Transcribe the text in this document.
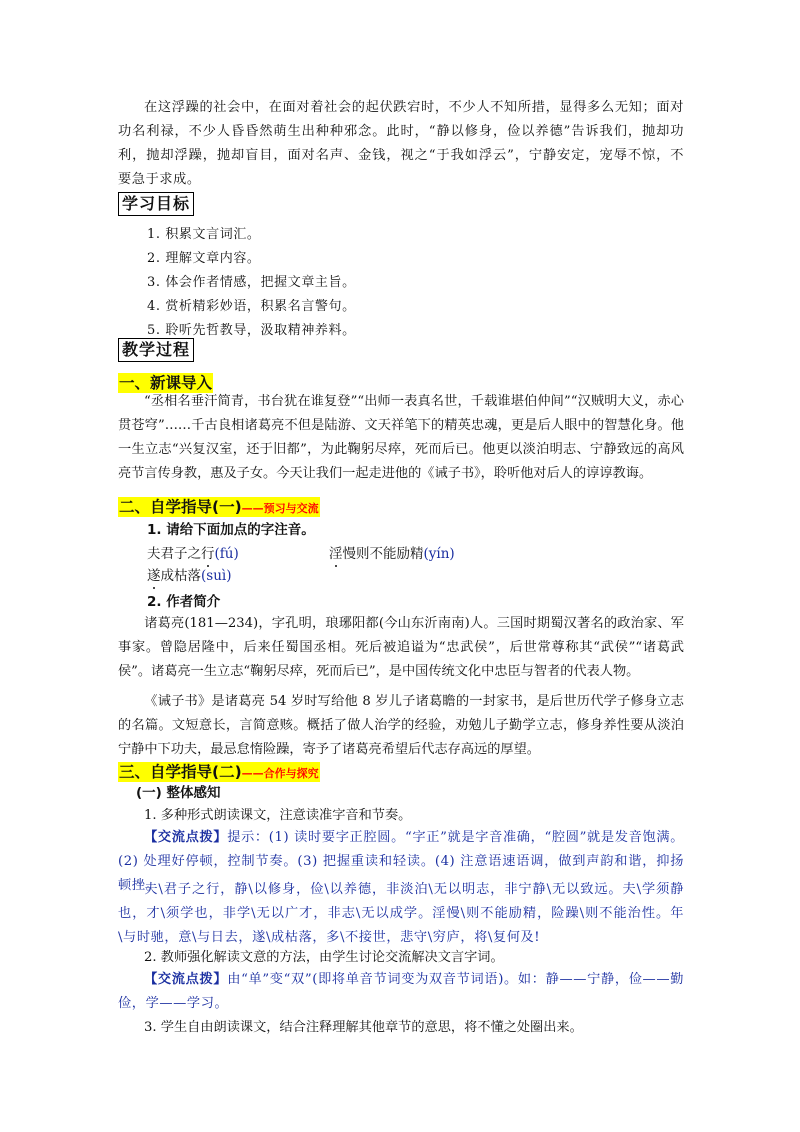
在这浮躁的社会中，在面对着社会的起伏跌宕时，不少人不知所措，显得多么无知；面对功名利禄，不少人昏昏然萌生出种种邪念。此时，“静以修身，俭以养德”告诉我们，抛却功利，抛却浮躁，抛却盲目，面对名声、金钱，视之“于我如浮云”，宁静安定，宠辱不惊，不要急于求成。

学习目标

1. 积累文言词汇。

2. 理解文章内容。

3. 体会作者情感，把握文章主旨。

4. 赏析精彩妙语，积累名言警句。

5. 聆听先哲教导，汲取精神养料。

教学过程
一、新课导入

“丞相名垂汗简青，书台犹在谁复登”“出师一表真名世，千载谁堪伯仲间”“汉贼明大义，赤心贯苍穹”……千古良相诸葛亮不但是陆游、文天祥笔下的精英忠魂，更是后人眼中的智慧化身。他一生立志“兴复汉室，还于旧都”，为此鞠躬尽瘁，死而后已。他更以淡泊明志、宁静致远的高风亮节言传身教，惠及子女。今天让我们一起走进他的《诫子书》，聆听他对后人的谆谆教诲。

二、自学指导(一)——预习与交流
1. 请给下面加点的字注音。
夫君子之行(fú)	淫慢则不能励精(yín)
遂成枯落(suì)
2. 作者简介

诸葛亮(181—234)，字孔明，琅琊阳都(今山东沂南南)人。三国时期蜀汉著名的政治家、军事家。曾隐居隆中，后来任蜀国丞相。死后被追谥为“忠武侯”，后世常尊称其“武侯”“诸葛武侯”。诸葛亮一生立志“鞠躬尽瘁，死而后已”，是中国传统文化中忠臣与智者的代表人物。

《诫子书》是诸葛亮 54 岁时写给他 8 岁儿子诸葛瞻的一封家书，是后世历代学子修身立志的名篇。文短意长，言简意赅。概括了做人治学的经验，劝勉儿子勤学立志，修身养性要从淡泊宁静中下功夫，最忌怠惰险躁，寄予了诸葛亮希望后代志存高远的厚望。

三、自学指导(二)——合作与探究
(一) 整体感知

1. 多种形式朗读课文，注意读准字音和节奏。

【交流点拨】提示：(1) 读时要字正腔圆。“字正”就是字音准确，“腔圆”就是发音饱满。(2) 处理好停顿，控制节奏。(3) 把握重读和轻读。(4) 注意语速语调，做到声韵和谐，抑扬顿挫。

夫\君子之行，静\以修身，俭\以养德，非淡泊\无以明志，非宁静\无以致远。夫\学须静也，才\须学也，非学\无以广才，非志\无以成学。淫慢\则不能励精，险躁\则不能治性。年\与时驰，意\与日去，遂\成枯落，多\不接世，悲守\穷庐，将\复何及!

2. 教师强化解读文意的方法，由学生讨论交流解决文言字词。

【交流点拨】由“单”变“双”(即将单音节词变为双音节词语)。如：静——宁静，俭——勤俭，学——学习。

3. 学生自由朗读课文，结合注释理解其他章节的意思，将不懂之处圈出来。
